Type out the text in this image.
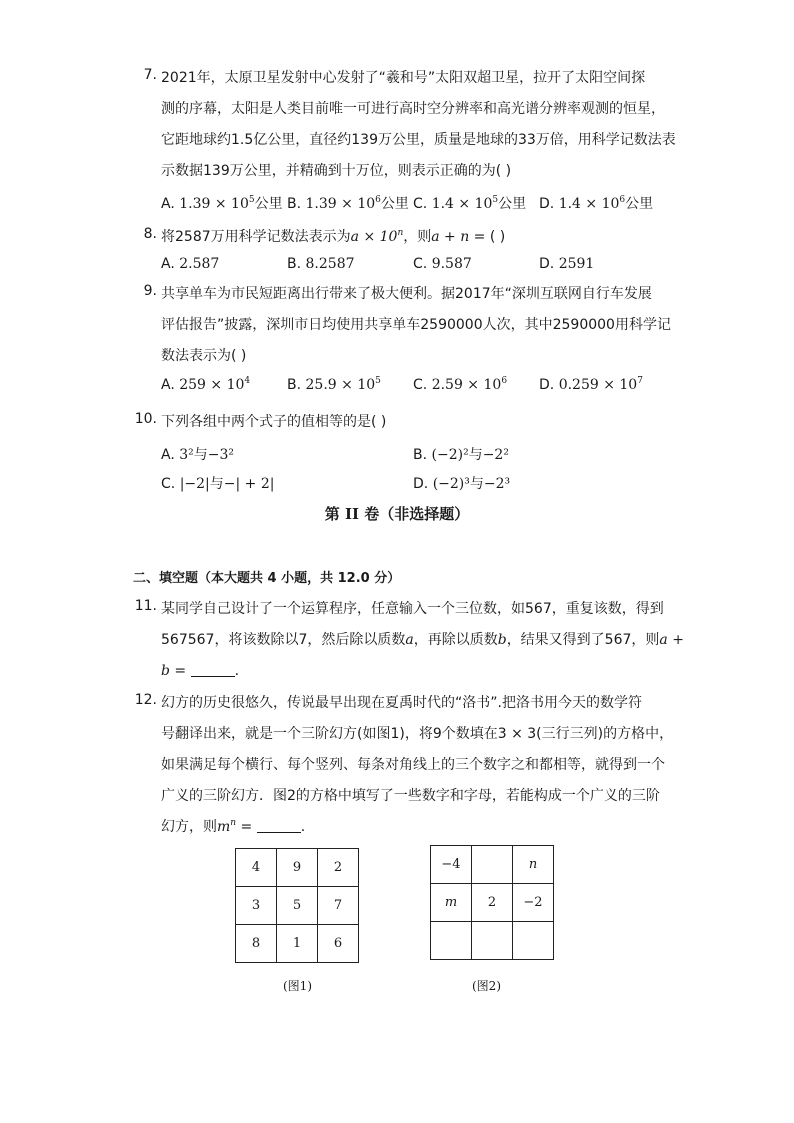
7. 2021年，太原卫星发射中心发射了“羲和号”太阳双超卫星，拉开了太阳空间探
测的序幕，太阳是人类目前唯一可进行高时空分辨率和高光谱分辨率观测的恒星，
它距地球约1.5亿公里，直径约139万公里，质量是地球的33万倍，用科学记数法表
示数据139万公里，并精确到十万位，则表示正确的为( )
A. $1.39 \times 10^5$公里 B. $1.39 \times 10^6$公里 C. $1.4 \times 10^5$公里 D. $1.4 \times 10^6$公里
8. 将2587万用科学记数法表示为$a \times 10^n$，则a + n = ( )
A. 2.587	B. 8.2587	C. 9.587	D. 2591
9. 共享单车为市民短距离出行带来了极大便利。据2017年“深圳互联网自行车发展
评估报告”披露，深圳市日均使用共享单车2590000人次，其中2590000用科学记
数法表示为( )
A. $259 \times 10^4$	B. $25.9 \times 10^5$ C. $2.59 \times 10^6$ D. $0.259 \times 10^7$
10. 下列各组中两个式子的值相等的是( )
A. 3²与−3²	B. (−2)²与−2²
C. |−2|与−| + 2|	D. (−2)³与−2³
第 II 卷（非选择题）
二、填空题（本大题共 4 小题，共 12.0 分）
11. 某同学自己设计了一个运算程序，任意输入一个三位数，如567，重复该数，得到
567567，将该数除以7，然后除以质数a，再除以质数b，结果又得到了567，则a +
b =	.
12. 幻方的历史很悠久，传说最早出现在夏禹时代的“洛书”.把洛书用今天的数学符
号翻译出来，就是一个三阶幻方(如图1)，将9个数填在3 × 3(三行三列)的方格中，
如果满足每个横行、每个竖列、每条对角线上的三个数字之和都相等，就得到一个
广义的三阶幻方．图2的方格中填写了一些数字和字母，若能构成一个广义的三阶
幻方，则$m^n$ =	.
4	9	2
3	5	7
8	1	6
(图1)
−4		n
m	2	−2

(图2)
